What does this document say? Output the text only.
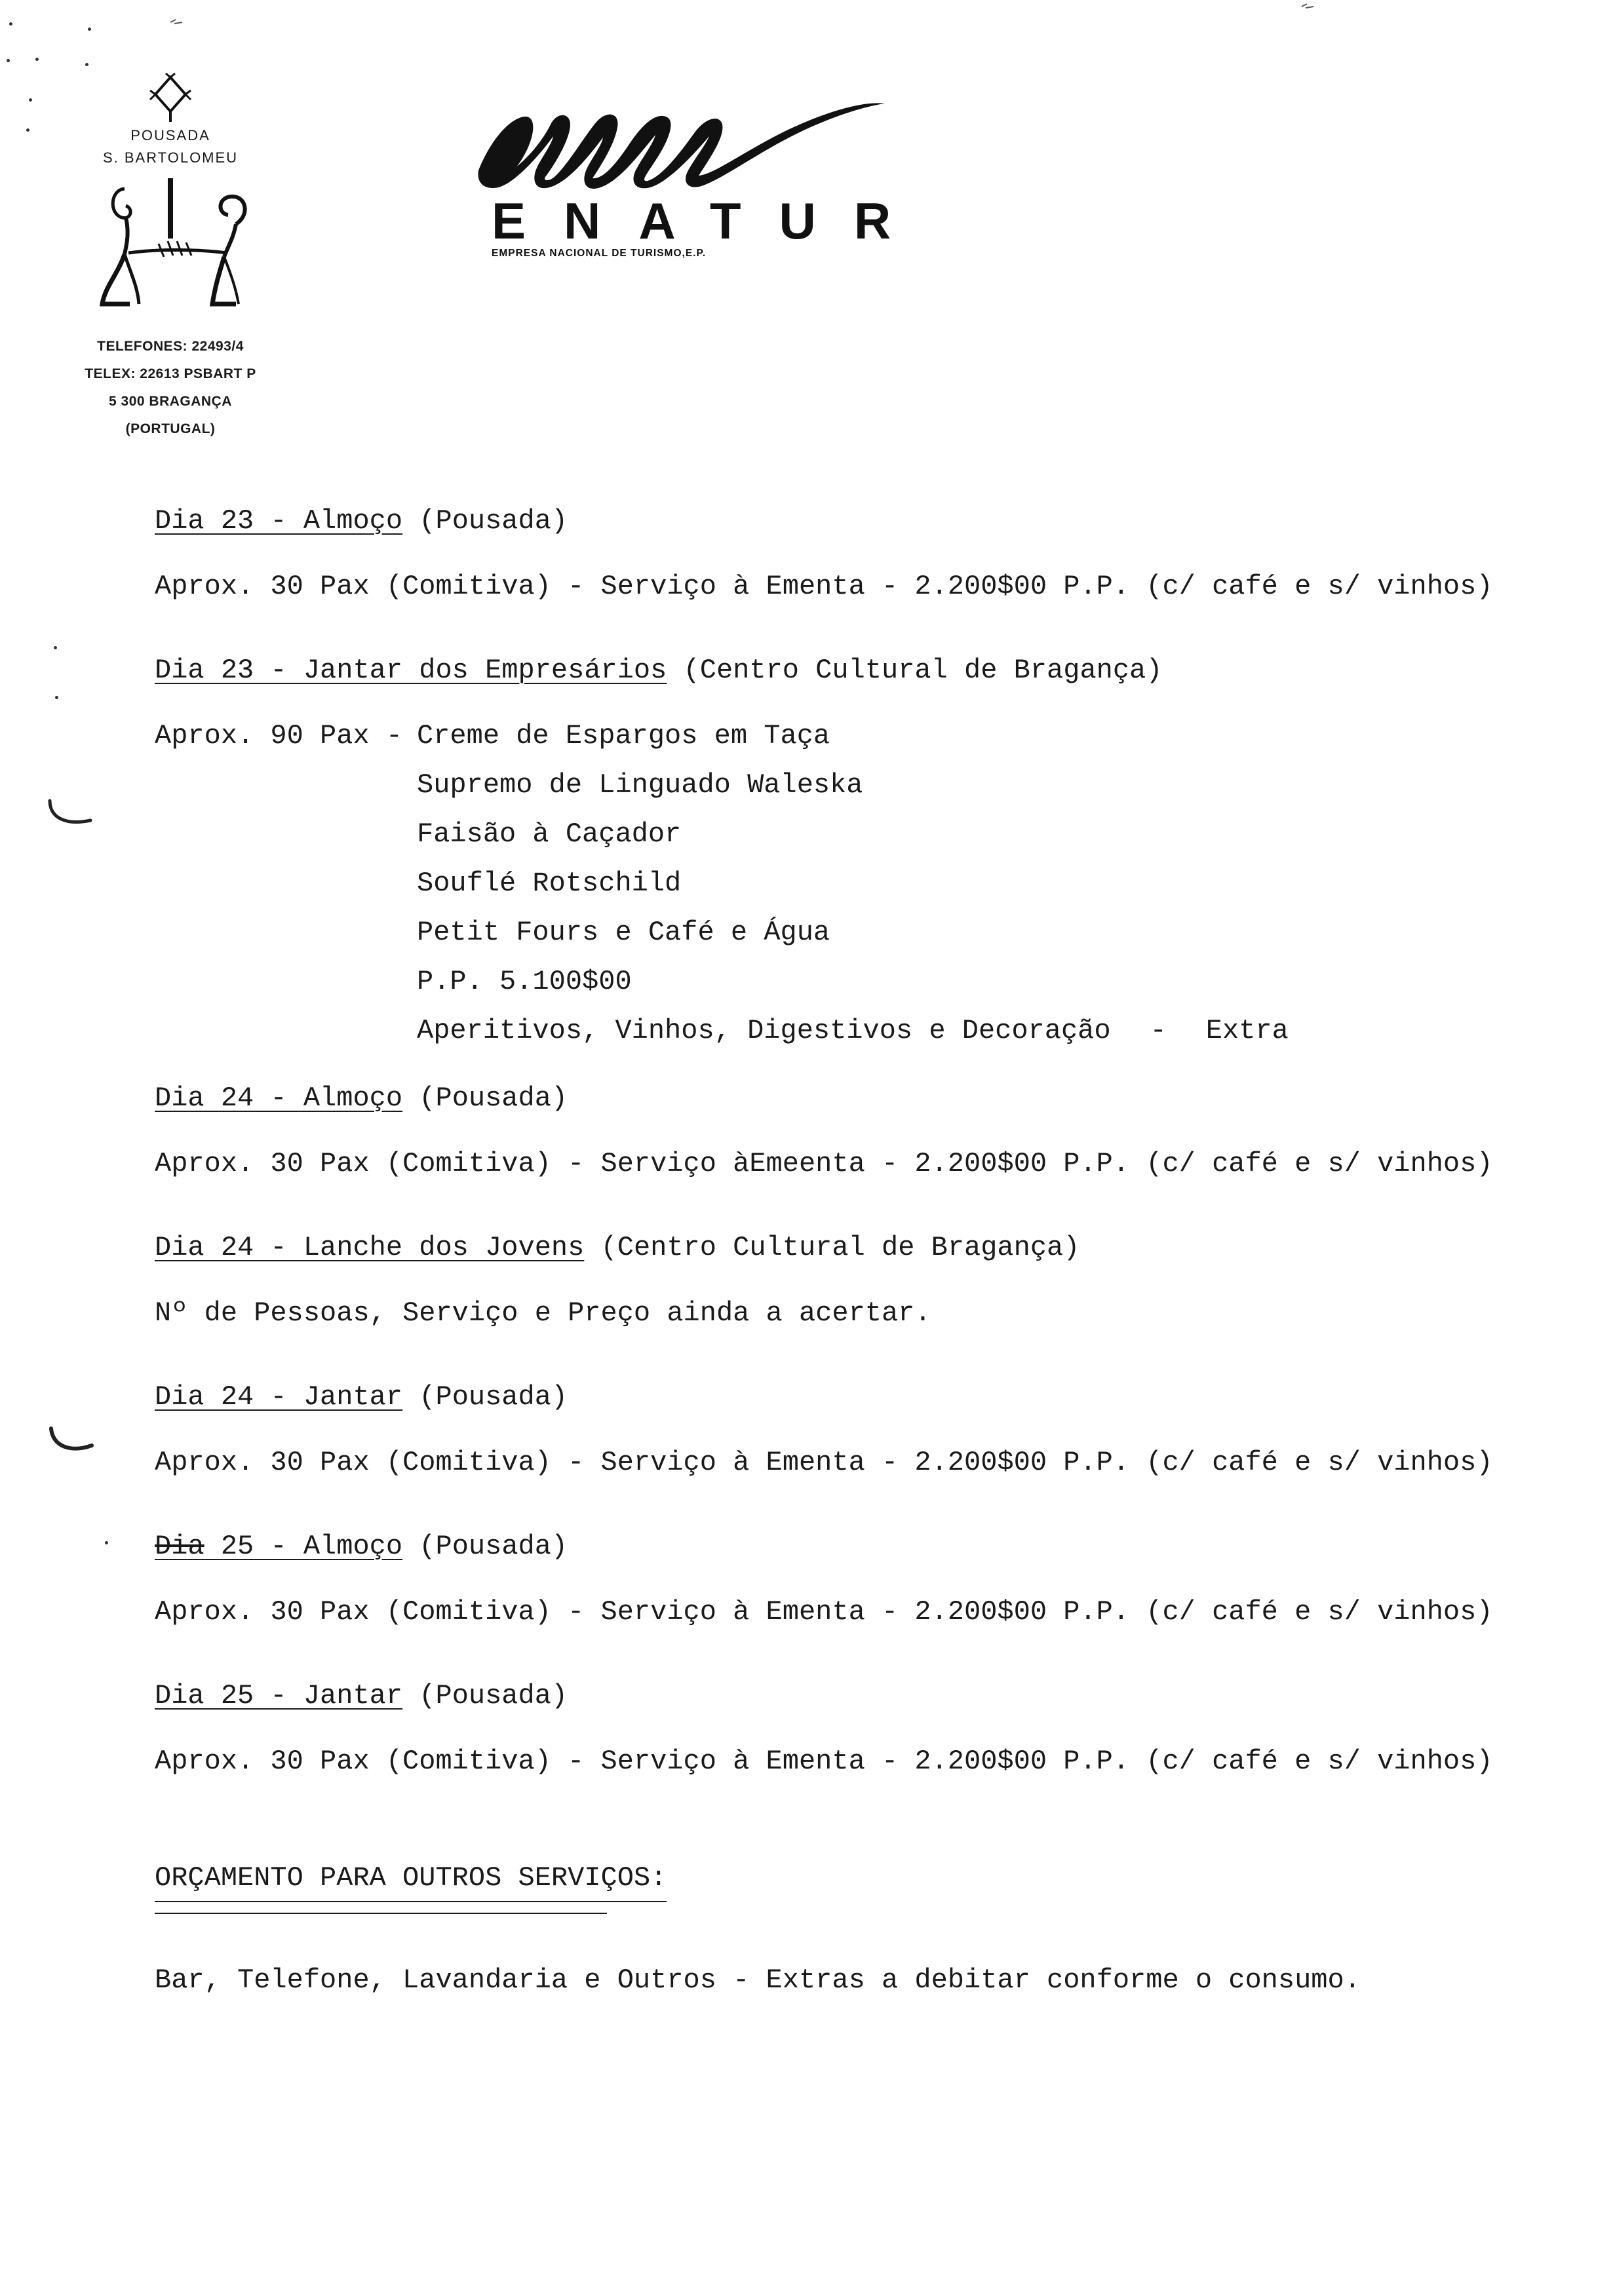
POUSADA
S. BARTOLOMEU
TELEFONES: 22493/4
TELEX: 22613 PSBART P
5 300 BRAGANÇA
(PORTUGAL)
ENATUR
EMPRESA NACIONAL DE TURISMO,E.P.
Dia 23 - Almoço (Pousada)
Aprox. 30 Pax (Comitiva) - Serviço à Ementa - 2.200$00 P.P. (c/ café e s/ vinhos)
Dia 23 - Jantar dos Empresários (Centro Cultural de Bragança)
Aprox. 90 Pax - Creme de Espargos em Taça
Supremo de Linguado Waleska
Faisão à Caçador
Souflé Rotschild
Petit Fours e Café e Água
P.P. 5.100$00
Aperitivos, Vinhos, Digestivos e Decoração - Extra
Dia 24 - Almoço (Pousada)
Aprox. 30 Pax (Comitiva) - Serviço àEmeenta - 2.200$00 P.P. (c/ café e s/ vinhos)
Dia 24 - Lanche dos Jovens (Centro Cultural de Bragança)
Nº de Pessoas, Serviço e Preço ainda a acertar.
Dia 24 - Jantar (Pousada)
Aprox. 30 Pax (Comitiva) - Serviço à Ementa - 2.200$00 P.P. (c/ café e s/ vinhos)
Dia 25 - Almoço (Pousada)
Aprox. 30 Pax (Comitiva) - Serviço à Ementa - 2.200$00 P.P. (c/ café e s/ vinhos)
Dia 25 - Jantar (Pousada)
Aprox. 30 Pax (Comitiva) - Serviço à Ementa - 2.200$00 P.P. (c/ café e s/ vinhos)
ORÇAMENTO PARA OUTROS SERVIÇOS:
Bar, Telefone, Lavandaria e Outros - Extras a debitar conforme o consumo.
